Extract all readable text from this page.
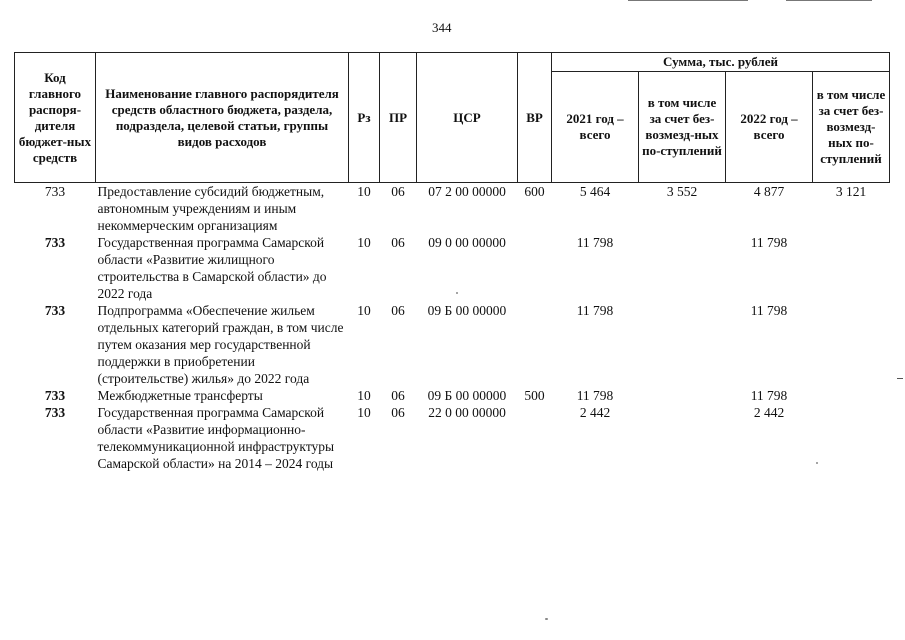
344
Код главного распоря-дителя бюджет-ных средств	Наименование главного распорядителя средств областного бюджета, раздела, подраздела, целевой статьи, группы видов расходов	Рз	ПР	ЦСР	ВР	Сумма, тыс. рублей			
						2021 год – всего	в том числе за счет без-возмезд-ных по-ступлений	2022 год – всего	в том числе за счет без-возмезд-ных по-ступлений
733	Предоставление субсидий бюджетным, автономным учреждениям и иным некоммерческим организациям	10	06	07 2 00 00000	600	5 464	3 552	4 877	3 121
733	Государственная программа Самарской области «Развитие жилищного строительства в Самарской области» до 2022 года	10	06	09 0 00 00000		11 798		11 798	
733	Подпрограмма «Обеспечение жильем отдельных категорий граждан, в том числе путем оказания мер государственной поддержки в приобретении (строительстве) жилья» до 2022 года	10	06	09 Б 00 00000		11 798		11 798	
733	Межбюджетные трансферты	10	06	09 Б 00 00000	500	11 798		11 798	
733	Государственная программа Самарской области «Развитие информационно-телекоммуникационной инфраструктуры Самарской области» на 2014 – 2024 годы	10	06	22 0 00 00000		2 442		2 442	
